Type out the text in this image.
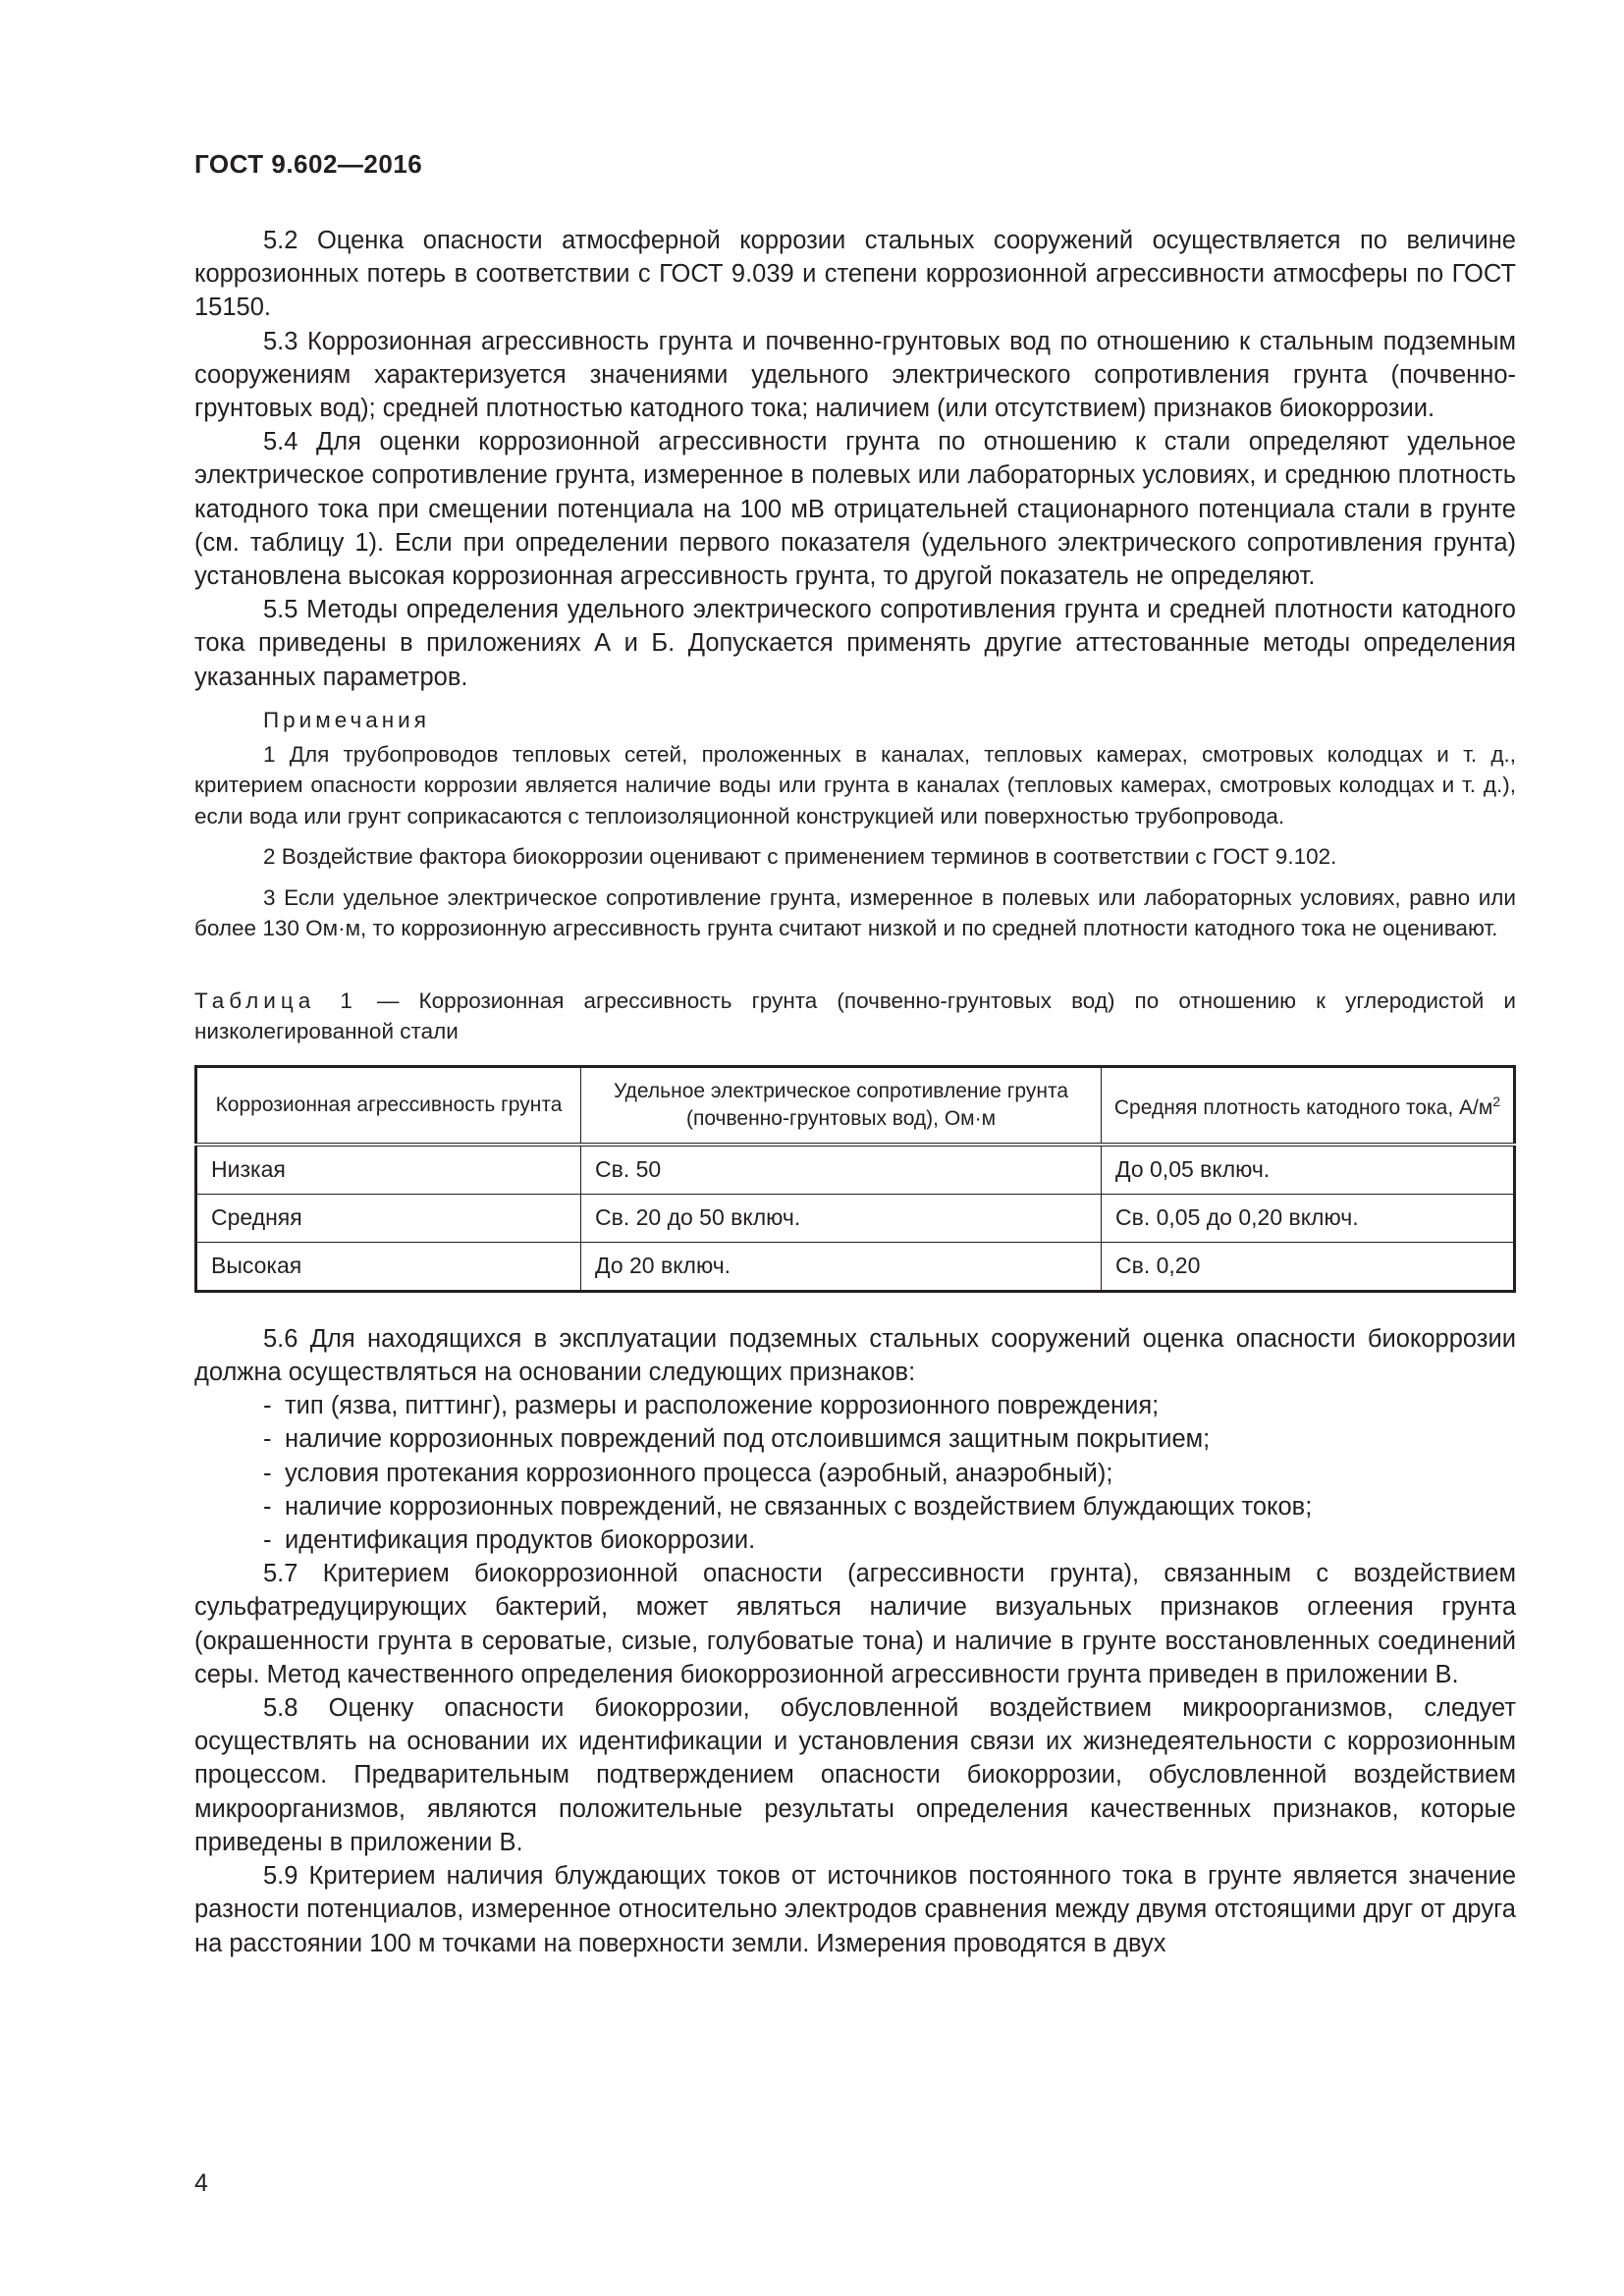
ГОСТ 9.602—2016

5.2 Оценка опасности атмосферной коррозии стальных сооружений осуществляется по величине коррозионных потерь в соответствии с ГОСТ 9.039 и степени коррозионной агрессивности атмосферы по ГОСТ 15150.

5.3 Коррозионная агрессивность грунта и почвенно-грунтовых вод по отношению к стальным подземным сооружениям характеризуется значениями удельного электрического сопротивления грунта (почвенно-грунтовых вод); средней плотностью катодного тока; наличием (или отсутствием) признаков биокоррозии.

5.4 Для оценки коррозионной агрессивности грунта по отношению к стали определяют удельное электрическое сопротивление грунта, измеренное в полевых или лабораторных условиях, и среднюю плотность катодного тока при смещении потенциала на 100 мВ отрицательней стационарного потенциала стали в грунте (см. таблицу 1). Если при определении первого показателя (удельного электрического сопротивления грунта) установлена высокая коррозионная агрессивность грунта, то другой показатель не определяют.

5.5 Методы определения удельного электрического сопротивления грунта и средней плотности катодного тока приведены в приложениях А и Б. Допускается применять другие аттестованные методы определения указанных параметров.

Примечания

1 Для трубопроводов тепловых сетей, проложенных в каналах, тепловых камерах, смотровых колодцах и т. д., критерием опасности коррозии является наличие воды или грунта в каналах (тепловых камерах, смотровых колодцах и т. д.), если вода или грунт соприкасаются с теплоизоляционной конструкцией или поверхностью трубопровода.

2 Воздействие фактора биокоррозии оценивают с применением терминов в соответствии с ГОСТ 9.102.

3 Если удельное электрическое сопротивление грунта, измеренное в полевых или лабораторных условиях, равно или более 130 Ом·м, то коррозионную агрессивность грунта считают низкой и по средней плотности катодного тока не оценивают.

Таблица 1 — Коррозионная агрессивность грунта (почвенно-грунтовых вод) по отношению к углеродистой и низколегированной стали
Коррозионная агрессивность грунта	Удельное электрическое сопротивление грунта (почвенно-грунтовых вод), Ом·м	Средняя плотность катодного тока, $А/м^2$
Низкая	Св. 50	До 0,05 включ.
Средняя	Св. 20 до 50 включ.	Св. 0,05 до 0,20 включ.
Высокая	До 20 включ.	Св. 0,20

5.6 Для находящихся в эксплуатации подземных стальных сооружений оценка опасности биокоррозии должна осуществляться на основании следующих признаков:

- тип (язва, питтинг), размеры и расположение коррозионного повреждения;
- наличие коррозионных повреждений под отслоившимся защитным покрытием;
- условия протекания коррозионного процесса (аэробный, анаэробный);
- наличие коррозионных повреждений, не связанных с воздействием блуждающих токов;
- идентификация продуктов биокоррозии.

5.7 Критерием биокоррозионной опасности (агрессивности грунта), связанным с воздействием сульфатредуцирующих бактерий, может являться наличие визуальных признаков оглеения грунта (окрашенности грунта в сероватые, сизые, голубоватые тона) и наличие в грунте восстановленных соединений серы. Метод качественного определения биокоррозионной агрессивности грунта приведен в приложении В.

5.8 Оценку опасности биокоррозии, обусловленной воздействием микроорганизмов, следует осуществлять на основании их идентификации и установления связи их жизнедеятельности с коррозионным процессом. Предварительным подтверждением опасности биокоррозии, обусловленной воздействием микроорганизмов, являются положительные результаты определения качественных признаков, которые приведены в приложении В.

5.9 Критерием наличия блуждающих токов от источников постоянного тока в грунте является значение разности потенциалов, измеренное относительно электродов сравнения между двумя отстоящими друг от друга на расстоянии 100 м точками на поверхности земли. Измерения проводятся в двух

4
